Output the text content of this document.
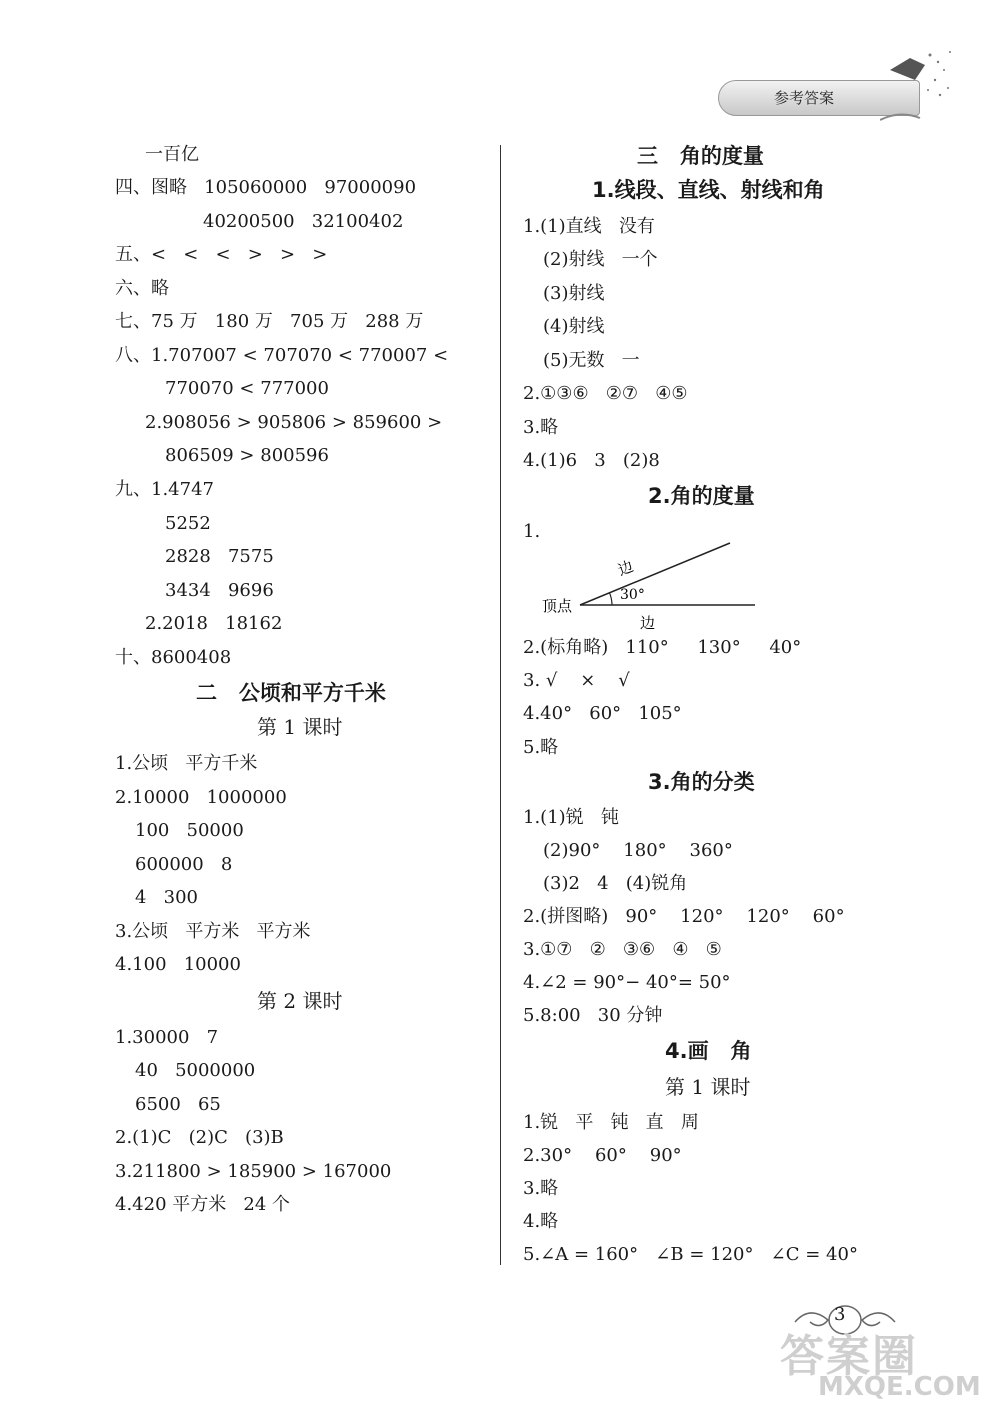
参考答案
一百亿
四、图略   105060000   97000090
40200500   32100402
五、<   <   <   >   >   >
六、略
七、75 万   180 万   705 万   288 万
八、1.707007 < 707070 < 770007 <
770070 < 777000
2.908056 > 905806 > 859600 >
806509 > 800596
九、1.4747
5252
2828   7575
3434   9696
2.2018   18162
十、8600408
二   公顷和平方千米
第 1 课时
1.公顷   平方千米
2.10000   1000000
100   50000
600000   8
4   300
3.公顷   平方米   平方米
4.100   10000
第 2 课时
1.30000   7
40   5000000
6500   65
2.(1)C   (2)C   (3)B
3.211800 > 185900 > 167000
4.420 平方米   24 个
三   角的度量
1.线段、直线、射线和角
1.(1)直线   没有
(2)射线   一个
(3)射线
(4)射线
(5)无数   一
2.①③⑥   ②⑦   ④⑤
3.略
4.(1)6   3   (2)8
2.角的度量
1.
顶点
边
边
30°
2.(标角略)   110°     130°     40°
3. √    ×    √
4.40°   60°   105°
5.略
3.角的分类
1.(1)锐   钝
(2)90°    180°    360°
(3)2   4   (4)锐角
2.(拼图略)   90°    120°    120°    60°
3.①⑦   ②   ③⑥   ④   ⑤
4.∠2 = 90°− 40°= 50°
5.8:00   30 分钟
4.画   角
第 1 课时
1.锐   平   钝   直   周
2.30°    60°    90°
3.略
4.略
5.∠A = 160°   ∠B = 120°   ∠C = 40°
3
答案圈
MXQE.COM
